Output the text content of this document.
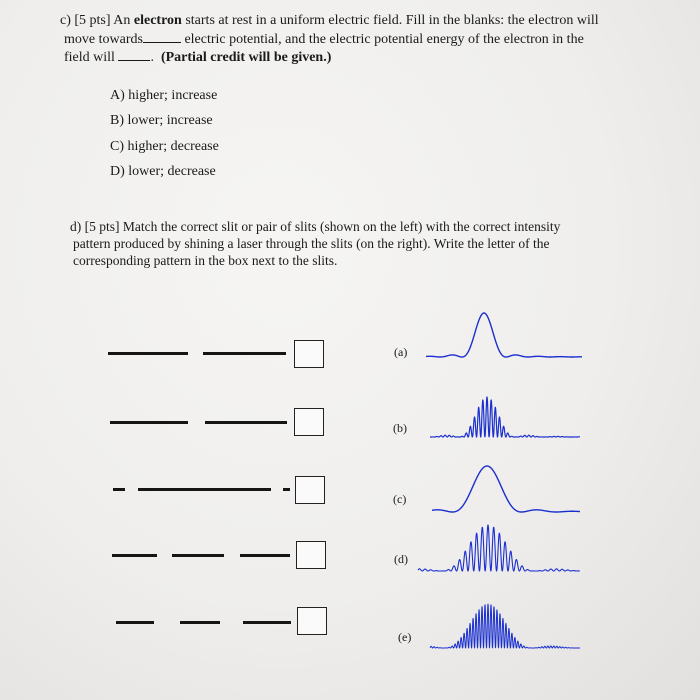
c) [5 pts] An electron starts at rest in a uniform electric field. Fill in the blanks: the electron will
move towards	electric potential, and the electric potential energy of the electron in the
field will	. (Partial credit will be given.)
A) higher; increase
B) lower; increase
C) higher; decrease
D) lower; decrease
d) [5 pts] Match the correct slit or pair of slits (shown on the left) with the correct intensity
pattern produced by shining a laser through the slits (on the right). Write the letter of the
corresponding pattern in the box next to the slits.
(a)
(b)
(c)
(d)
(e)
